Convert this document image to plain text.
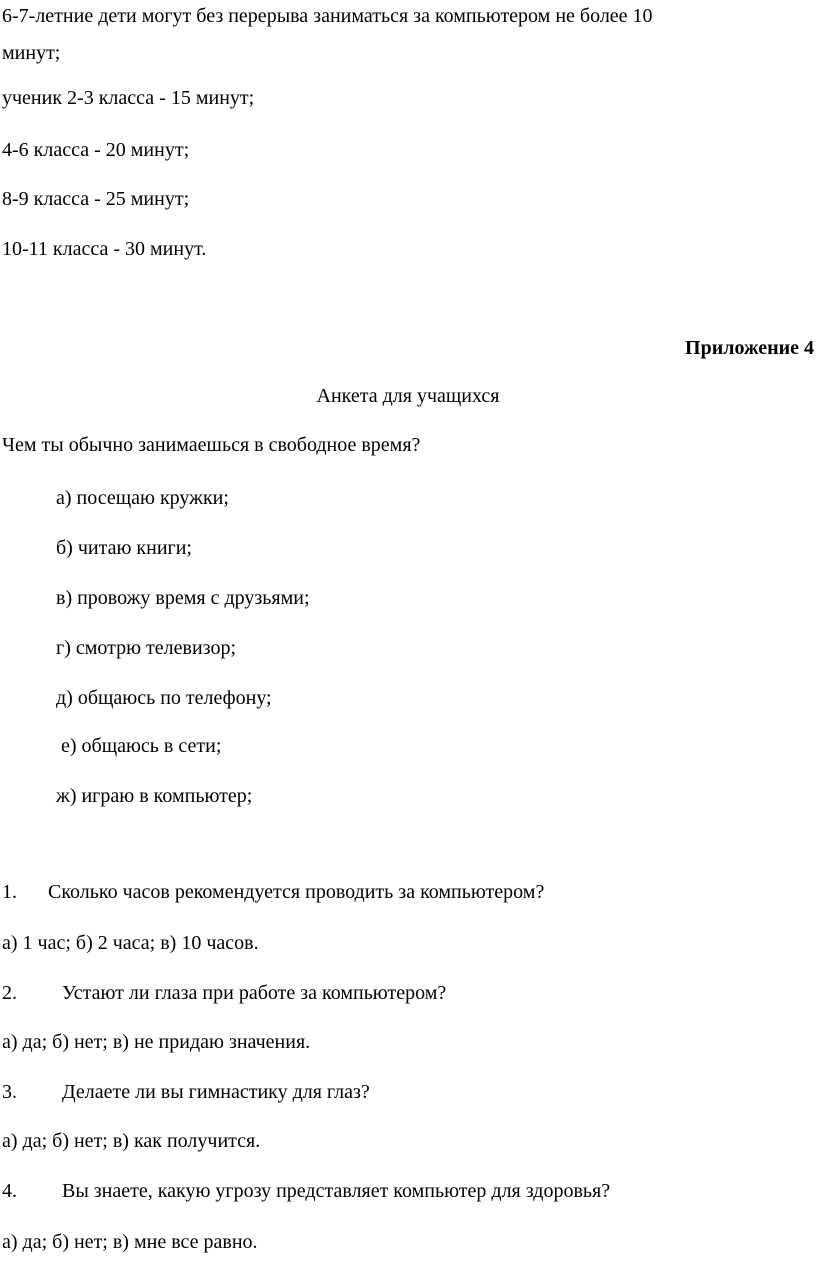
6-7-летние дети могут без перерыва заниматься за компьютером не более 10
минут;
ученик 2-3 класса - 15 минут;
4-6 класса - 20 минут;
8-9 класса - 25 минут;
10-11 класса - 30 минут.
Приложение 4
Анкета для учащихся
Чем ты обычно занимаешься в свободное время?
а) посещаю кружки;
б) читаю книги;
в) провожу время с друзьями;
г) смотрю телевизор;
д) общаюсь по телефону;
е) общаюсь в сети;
ж) играю в компьютер;
1. Сколько часов рекомендуется проводить за компьютером?
а) 1 час; б) 2 часа; в) 10 часов.
2. Устают ли глаза при работе за компьютером?
а) да; б) нет; в) не придаю значения.
3. Делаете ли вы гимнастику для глаз?
а) да; б) нет; в) как получится.
4. Вы знаете, какую угрозу представляет компьютер для здоровья?
а) да; б) нет; в) мне все равно.
